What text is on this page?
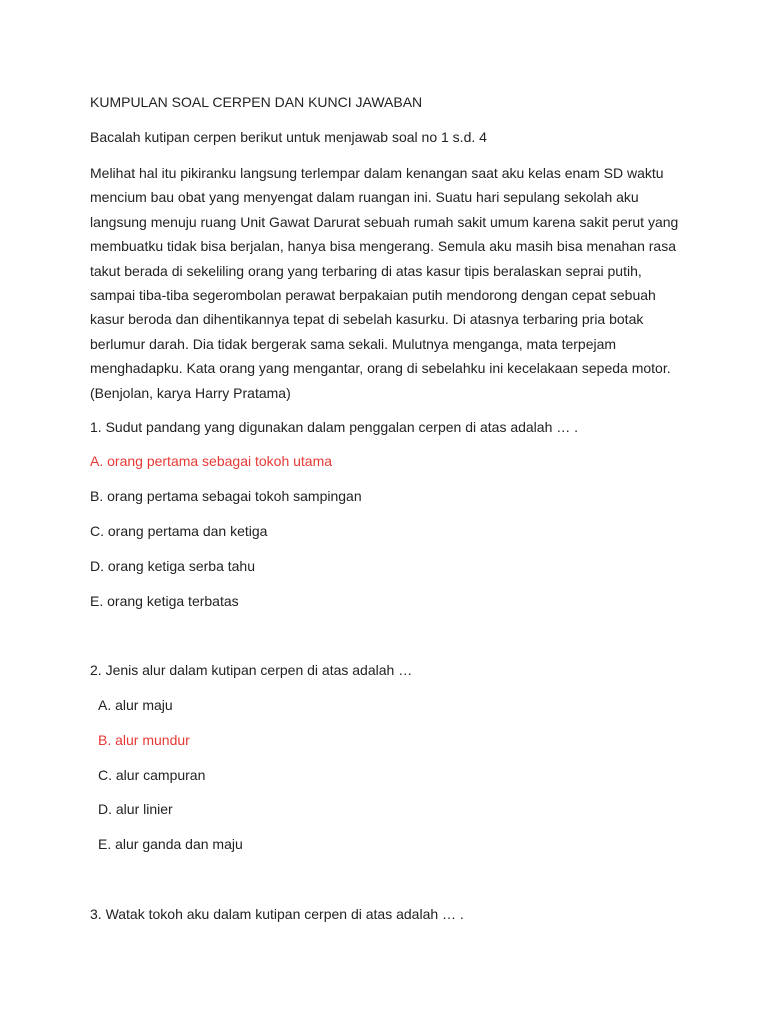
KUMPULAN SOAL CERPEN DAN KUNCI JAWABAN
Bacalah kutipan cerpen berikut untuk menjawab soal no 1 s.d. 4
Melihat hal itu pikiranku langsung terlempar dalam kenangan saat aku kelas enam SD waktu
mencium bau obat yang menyengat dalam ruangan ini. Suatu hari sepulang sekolah aku
langsung menuju ruang Unit Gawat Darurat sebuah rumah sakit umum karena sakit perut yang
membuatku tidak bisa berjalan, hanya bisa mengerang. Semula aku masih bisa menahan rasa
takut berada di sekeliling orang yang terbaring di atas kasur tipis beralaskan seprai putih,
sampai tiba-tiba segerombolan perawat berpakaian putih mendorong dengan cepat sebuah
kasur beroda dan dihentikannya tepat di sebelah kasurku. Di atasnya terbaring pria botak
berlumur darah. Dia tidak bergerak sama sekali. Mulutnya menganga, mata terpejam
menghadapku. Kata orang yang mengantar, orang di sebelahku ini kecelakaan sepeda motor.
(Benjolan, karya Harry Pratama)
1. Sudut pandang yang digunakan dalam penggalan cerpen di atas adalah … .
A. orang pertama sebagai tokoh utama
B. orang pertama sebagai tokoh sampingan
C. orang pertama dan ketiga
D. orang ketiga serba tahu
E. orang ketiga terbatas
2. Jenis alur dalam kutipan cerpen di atas adalah …
A. alur maju
B. alur mundur
C. alur campuran
D. alur linier
E. alur ganda dan maju
3. Watak tokoh aku dalam kutipan cerpen di atas adalah … .
